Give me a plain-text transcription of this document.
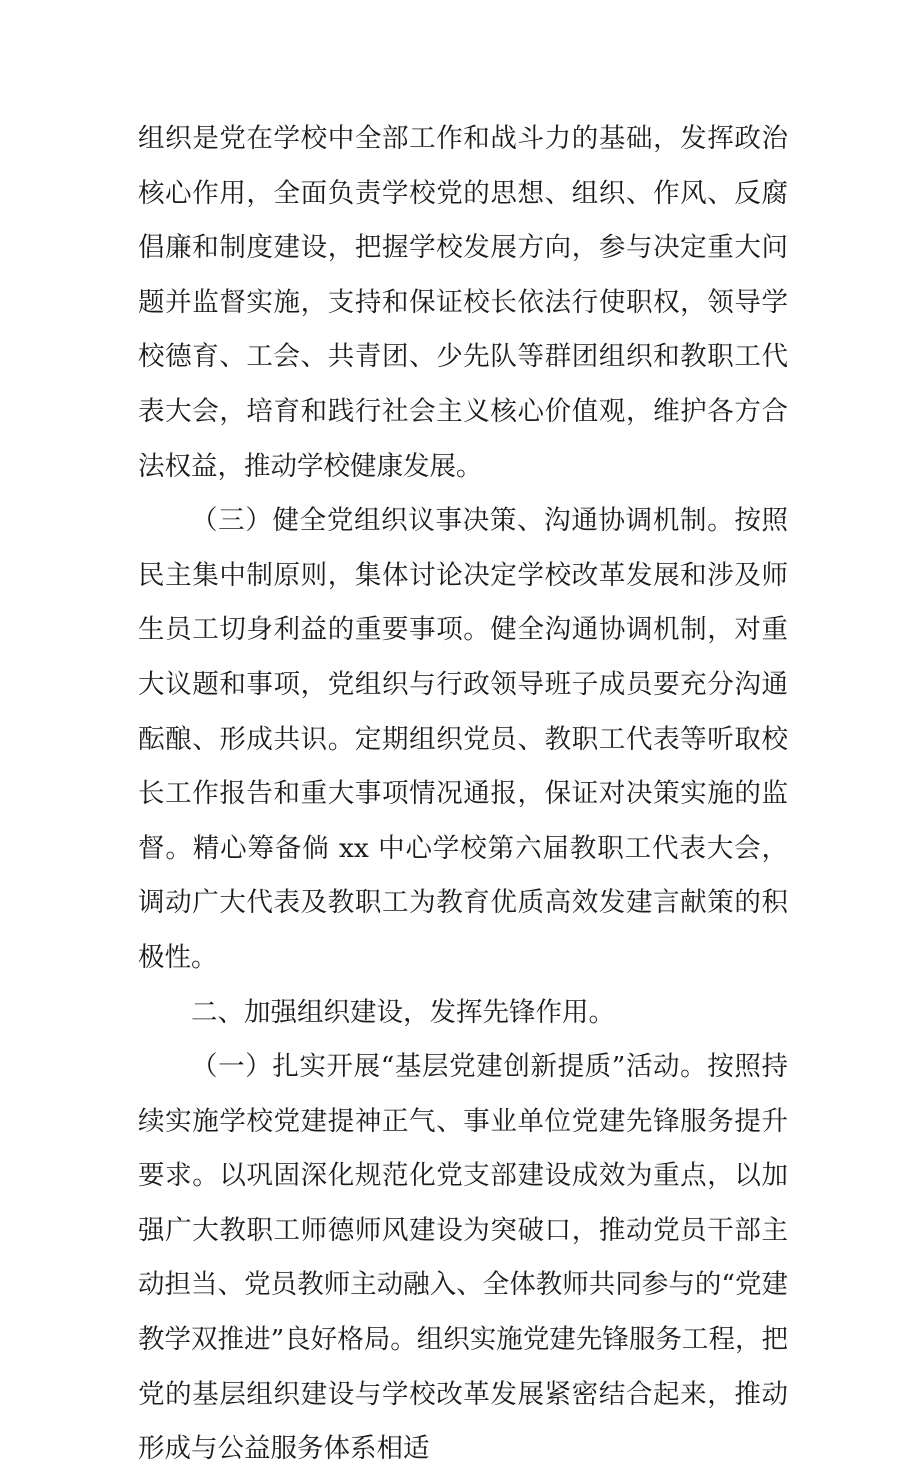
组织是党在学校中全部工作和战斗力的基础，发挥政治核心作用，全面负责学校党的思想、组织、作风、反腐倡廉和制度建设，把握学校发展方向，参与决定重大问题并监督实施，支持和保证校长依法行使职权，领导学校德育、工会、共青团、少先队等群团组织和教职工代表大会，培育和践行社会主义核心价值观，维护各方合法权益，推动学校健康发展。

（三）健全党组织议事决策、沟通协调机制。按照民主集中制原则，集体讨论决定学校改革发展和涉及师生员工切身利益的重要事项。健全沟通协调机制，对重大议题和事项，党组织与行政领导班子成员要充分沟通酝酿、形成共识。定期组织党员、教职工代表等听取校长工作报告和重大事项情况通报，保证对决策实施的监督。精心筹备倘 xx 中心学校第六届教职工代表大会，调动广大代表及教职工为教育优质高效发建言献策的积极性。

二、加强组织建设，发挥先锋作用。

（一）扎实开展“基层党建创新提质”活动。按照持续实施学校党建提神正气、事业单位党建先锋服务提升要求。以巩固深化规范化党支部建设成效为重点，以加强广大教职工师德师风建设为突破口，推动党员干部主动担当、党员教师主动融入、全体教师共同参与的“党建教学双推进”良好格局。组织实施党建先锋服务工程，把党的基层组织建设与学校改革发展紧密结合起来，推动形成与公益服务体系相适
